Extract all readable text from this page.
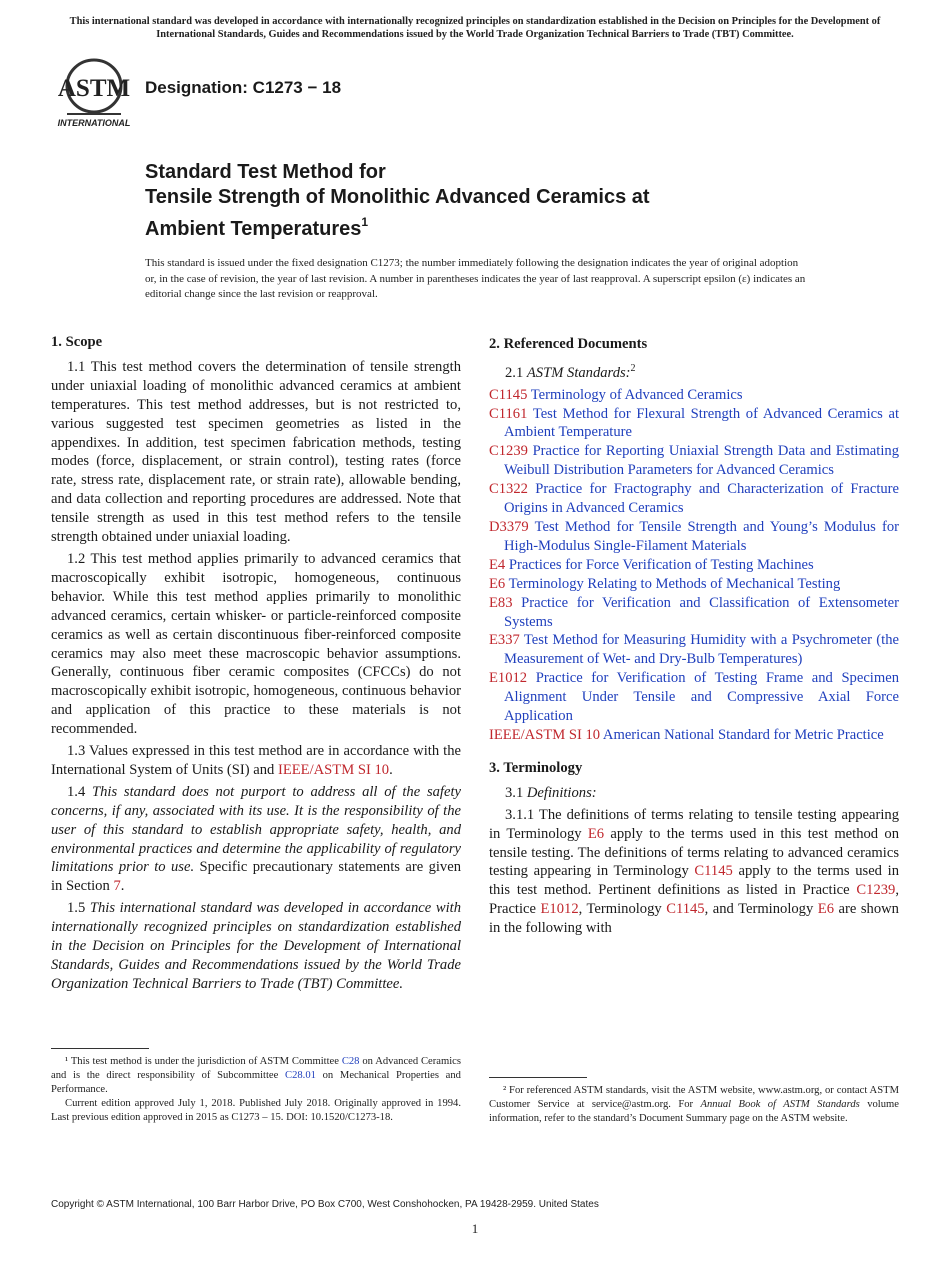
This international standard was developed in accordance with internationally recognized principles on standardization established in the Decision on Principles for the Development of International Standards, Guides and Recommendations issued by the World Trade Organization Technical Barriers to Trade (TBT) Committee.
ASTM
INTERNATIONAL
Designation: C1273 − 18
Standard Test Method for
Tensile Strength of Monolithic Advanced Ceramics at
Ambient Temperatures$^1$
This standard is issued under the fixed designation C1273; the number immediately following the designation indicates the year of original adoption or, in the case of revision, the year of last revision. A number in parentheses indicates the year of last reapproval. A superscript epsilon (ε) indicates an editorial change since the last revision or reapproval.
1. Scope
1.1 This test method covers the determination of tensile strength under uniaxial loading of monolithic advanced ceramics at ambient temperatures. This test method addresses, but is not restricted to, various suggested test specimen geometries as listed in the appendixes. In addition, test specimen fabrication methods, testing modes (force, displacement, or strain control), testing rates (force rate, stress rate, displacement rate, or strain rate), allowable bending, and data collection and reporting procedures are addressed. Note that tensile strength as used in this test method refers to the tensile strength obtained under uniaxial loading.
1.2 This test method applies primarily to advanced ceramics that macroscopically exhibit isotropic, homogeneous, continuous behavior. While this test method applies primarily to monolithic advanced ceramics, certain whisker- or particle-reinforced composite ceramics as well as certain discontinuous fiber-reinforced composite ceramics may also meet these macroscopic behavior assumptions. Generally, continuous fiber ceramic composites (CFCCs) do not macroscopically exhibit isotropic, homogeneous, continuous behavior and application of this practice to these materials is not recommended.
1.3 Values expressed in this test method are in accordance with the International System of Units (SI) and IEEE/ASTM SI 10.
1.4 This standard does not purport to address all of the safety concerns, if any, associated with its use. It is the responsibility of the user of this standard to establish appropriate safety, health, and environmental practices and determine the applicability of regulatory limitations prior to use. Specific precautionary statements are given in Section 7.
1.5 This international standard was developed in accordance with internationally recognized principles on standardization established in the Decision on Principles for the Development of International Standards, Guides and Recommendations issued by the World Trade Organization Technical Barriers to Trade (TBT) Committee.
2. Referenced Documents
2.1 ASTM Standards:$^2$
C1145 Terminology of Advanced Ceramics
C1161 Test Method for Flexural Strength of Advanced Ceramics at Ambient Temperature
C1239 Practice for Reporting Uniaxial Strength Data and Estimating Weibull Distribution Parameters for Advanced Ceramics
C1322 Practice for Fractography and Characterization of Fracture Origins in Advanced Ceramics
D3379 Test Method for Tensile Strength and Young’s Modulus for High-Modulus Single-Filament Materials
E4 Practices for Force Verification of Testing Machines
E6 Terminology Relating to Methods of Mechanical Testing
E83 Practice for Verification and Classification of Extensometer Systems
E337 Test Method for Measuring Humidity with a Psychrometer (the Measurement of Wet- and Dry-Bulb Temperatures)
E1012 Practice for Verification of Testing Frame and Specimen Alignment Under Tensile and Compressive Axial Force Application
IEEE/ASTM SI 10 American National Standard for Metric Practice
3. Terminology
3.1 Definitions:
3.1.1 The definitions of terms relating to tensile testing appearing in Terminology E6 apply to the terms used in this test method on tensile testing. The definitions of terms relating to advanced ceramics testing appearing in Terminology C1145 apply to the terms used in this test method. Pertinent definitions as listed in Practice C1239, Practice E1012, Terminology C1145, and Terminology E6 are shown in the following with
¹ This test method is under the jurisdiction of ASTM Committee C28 on Advanced Ceramics and is the direct responsibility of Subcommittee C28.01 on Mechanical Properties and Performance.
Current edition approved July 1, 2018. Published July 2018. Originally approved in 1994. Last previous edition approved in 2015 as C1273 – 15. DOI: 10.1520/C1273-18.
² For referenced ASTM standards, visit the ASTM website, www.astm.org, or contact ASTM Customer Service at service@astm.org. For Annual Book of ASTM Standards volume information, refer to the standard’s Document Summary page on the ASTM website.
Copyright © ASTM International, 100 Barr Harbor Drive, PO Box C700, West Conshohocken, PA 19428-2959. United States
1
